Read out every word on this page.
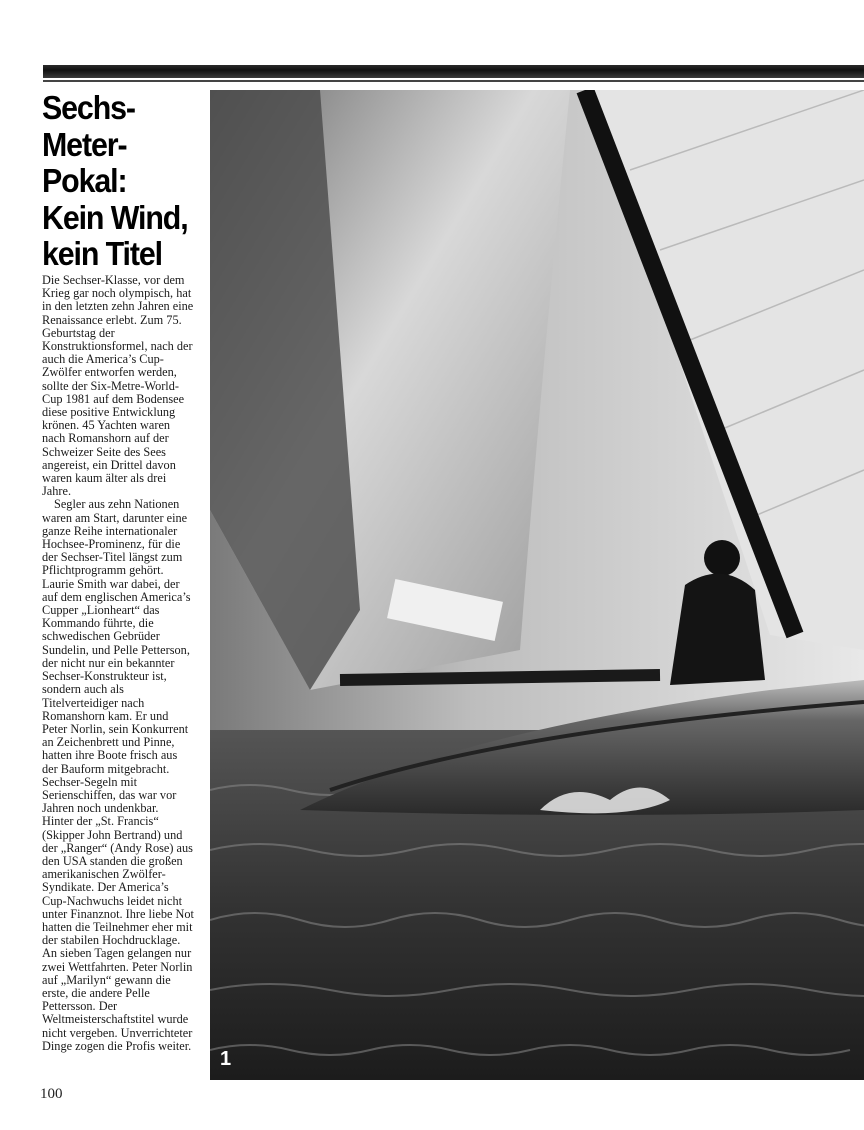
Sechs-
Meter-
Pokal:
Kein Wind,
kein Titel

Die Sechser-Klasse, vor dem Krieg gar noch olympisch, hat in den letzten zehn Jahren eine Renaissance erlebt. Zum 75. Geburtstag der Konstruktionsformel, nach der auch die America’s Cup-Zwölfer entworfen werden, sollte der Six-Metre-World-Cup 1981 auf dem Bodensee diese positive Entwicklung krönen. 45 Yachten waren nach Romanshorn auf der Schweizer Seite des Sees angereist, ein Drittel davon waren kaum älter als drei Jahre.

Segler aus zehn Nationen waren am Start, darunter eine ganze Reihe internationaler Hochsee-Prominenz, für die der Sechser-Titel längst zum Pflichtprogramm gehört. Laurie Smith war dabei, der auf dem englischen America’s Cupper „Lionheart“ das Kommando führte, die schwedischen Gebrüder Sundelin, und Pelle Petterson, der nicht nur ein bekannter Sechser-Konstrukteur ist, sondern auch als Titelverteidiger nach Romanshorn kam. Er und Peter Norlin, sein Konkurrent an Zeichenbrett und Pinne, hatten ihre Boote frisch aus der Bauform mitgebracht. Sechser-Segeln mit Serienschiffen, das war vor Jahren noch undenkbar.

Hinter der „St. Francis“ (Skipper John Bertrand) und der „Ranger“ (Andy Rose) aus den USA standen die großen amerikanischen Zwölfer-Syndikate. Der America’s Cup-Nachwuchs leidet nicht unter Finanznot. Ihre liebe Not hatten die Teilnehmer eher mit der stabilen Hochdrucklage. An sieben Tagen gelangen nur zwei Wettfahrten. Peter Norlin auf „Marilyn“ gewann die erste, die andere Pelle Pettersson. Der Weltmeisterschaftstitel wurde nicht vergeben. Unverrichteter Dinge zogen die Profis weiter.

1
100
